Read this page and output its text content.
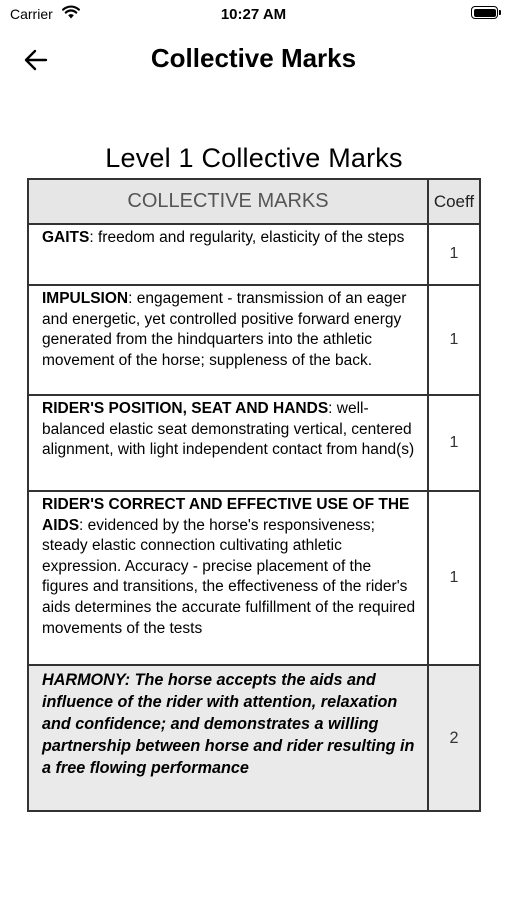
Carrier	10:27 AM
Collective Marks
Level 1 Collective Marks
COLLECTIVE MARKS	Coeff
GAITS: freedom and regularity, elasticity of the steps	1
IMPULSION: engagement - transmission of an eager and energetic, yet controlled positive forward energy generated from the hindquarters into the athletic movement of the horse; suppleness of the back.	1
RIDER'S POSITION, SEAT AND HANDS: well-balanced elastic seat demonstrating vertical, centered alignment, with light independent contact from hand(s)	1
RIDER'S CORRECT AND EFFECTIVE USE OF THE AIDS: evidenced by the horse's responsiveness; steady elastic connection cultivating athletic expression. Accuracy - precise placement of the figures and transitions, the effectiveness of the rider's aids determines the accurate fulfillment of the required movements of the tests	1
HARMONY: The horse accepts the aids and influence of the rider with attention, relaxation and confidence; and demonstrates a willing partnership between horse and rider resulting in a free flowing performance	2
